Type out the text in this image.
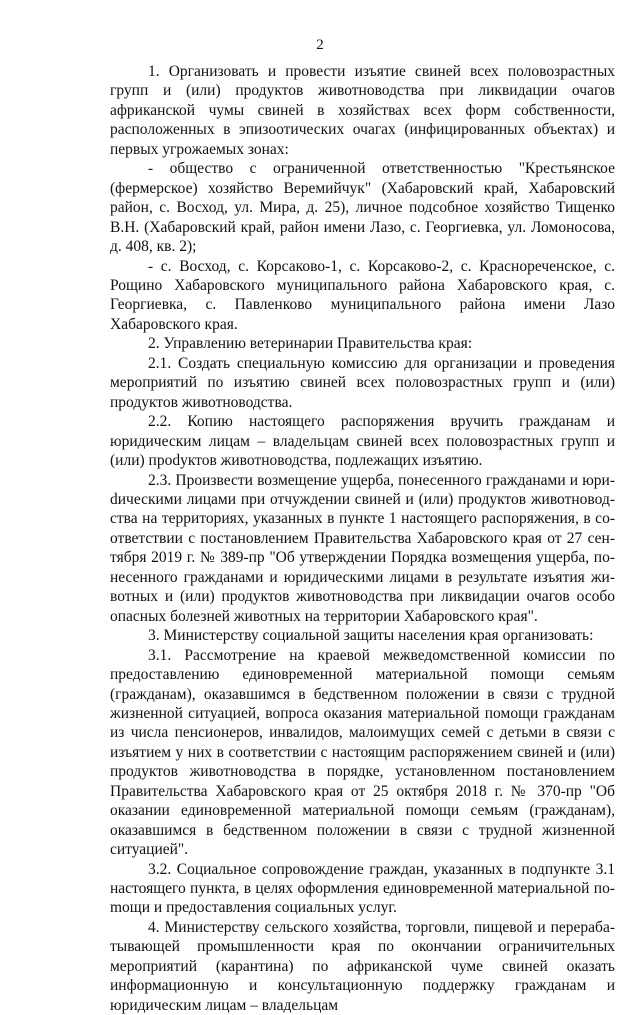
2

1. Организовать и провести изъятие свиней всех половозрастных групп и (или) продуктов животноводства при ликвидации очагов африканской чумы свиней в хозяйствах всех форм собственности, расположенных в эпизоотических очагах (инфицированных объектах) и первых угрожаемых зонах:

- общество с ограниченной ответственностью "Крестьянское (фермерское) хозяйство Веремийчук" (Хабаровский край, Хабаровский район, с. Восход, ул. Мира, д. 25), личное подсобное хозяйство Тищенко В.Н. (Хабаровский край, район имени Лазо, с. Георгиевка, ул. Ломоносова, д. 408, кв. 2);

- с. Восход, с. Корсаково-1, с. Корсаково-2, с. Краснореченское, с. Рощино Хабаровского муниципального района Хабаровского края, с. Георгиевка, с. Павленково муниципального района имени Лазо Хабаровского края.

2. Управлению ветеринарии Правительства края:

2.1. Создать специальную комиссию для организации и проведения мероприятий по изъятию свиней всех половозрастных групп и (или) продуктов животноводства.

2.2. Копию настоящего распоряжения вручить гражданам и юридическим лицам – владельцам свиней всех половозрастных групп и (или) проdуктов животноводства, подлежащих изъятию.

2.3. Произвести возмещение ущерба, понесенного гражданами и юриdическими лицами при отчуждении свиней и (или) продуктов животноводства на территориях, указанных в пункте 1 настоящего распоряжения, в соответствии с постановлением Правительства Хабаровского края от 27 сентября 2019 г. № 389-пр "Об утверждении Порядка возмещения ущерба, понесенного гражданами и юридическими лицами в результате изъятия животных и (или) продуктов животноводства при ликвидации очагов особо опасных болезней животных на территории Хабаровского края".

3. Министерству социальной защиты населения края организовать:

3.1. Рассмотрение на краевой межведомственной комиссии по предоставлению единовременной материальной помощи семьям (гражданам), оказавшимся в бедственном положении в связи с трудной жизненной ситуацией, вопроса оказания материальной помощи гражданам из числа пенсионеров, инвалидов, малоимущих семей с детьми в связи с изъятием у них в соответствии с настоящим распоряжением свиней и (или) продуктов животноводства в порядке, установленном постановлением Правительства Хабаровского края от 25 октября 2018 г. № 370-пр "Об оказании единовременной материальной помощи семьям (гражданам), оказавшимся в бедственном положении в связи с трудной жизненной ситуацией".

3.2. Социальное сопровождение граждан, указанных в подпункте 3.1 настоящего пункта, в целях оформления единовременной материальной поmощи и предоставления социальных услуг.

4. Министерству сельского хозяйства, торговли, пищевой и перерабатывающей промышленности края по окончании ограничительных мероприятий (карантина) по африканской чуме свиней оказать информационную и консультационную поддержку гражданам и юридическим лицам – владельцам
